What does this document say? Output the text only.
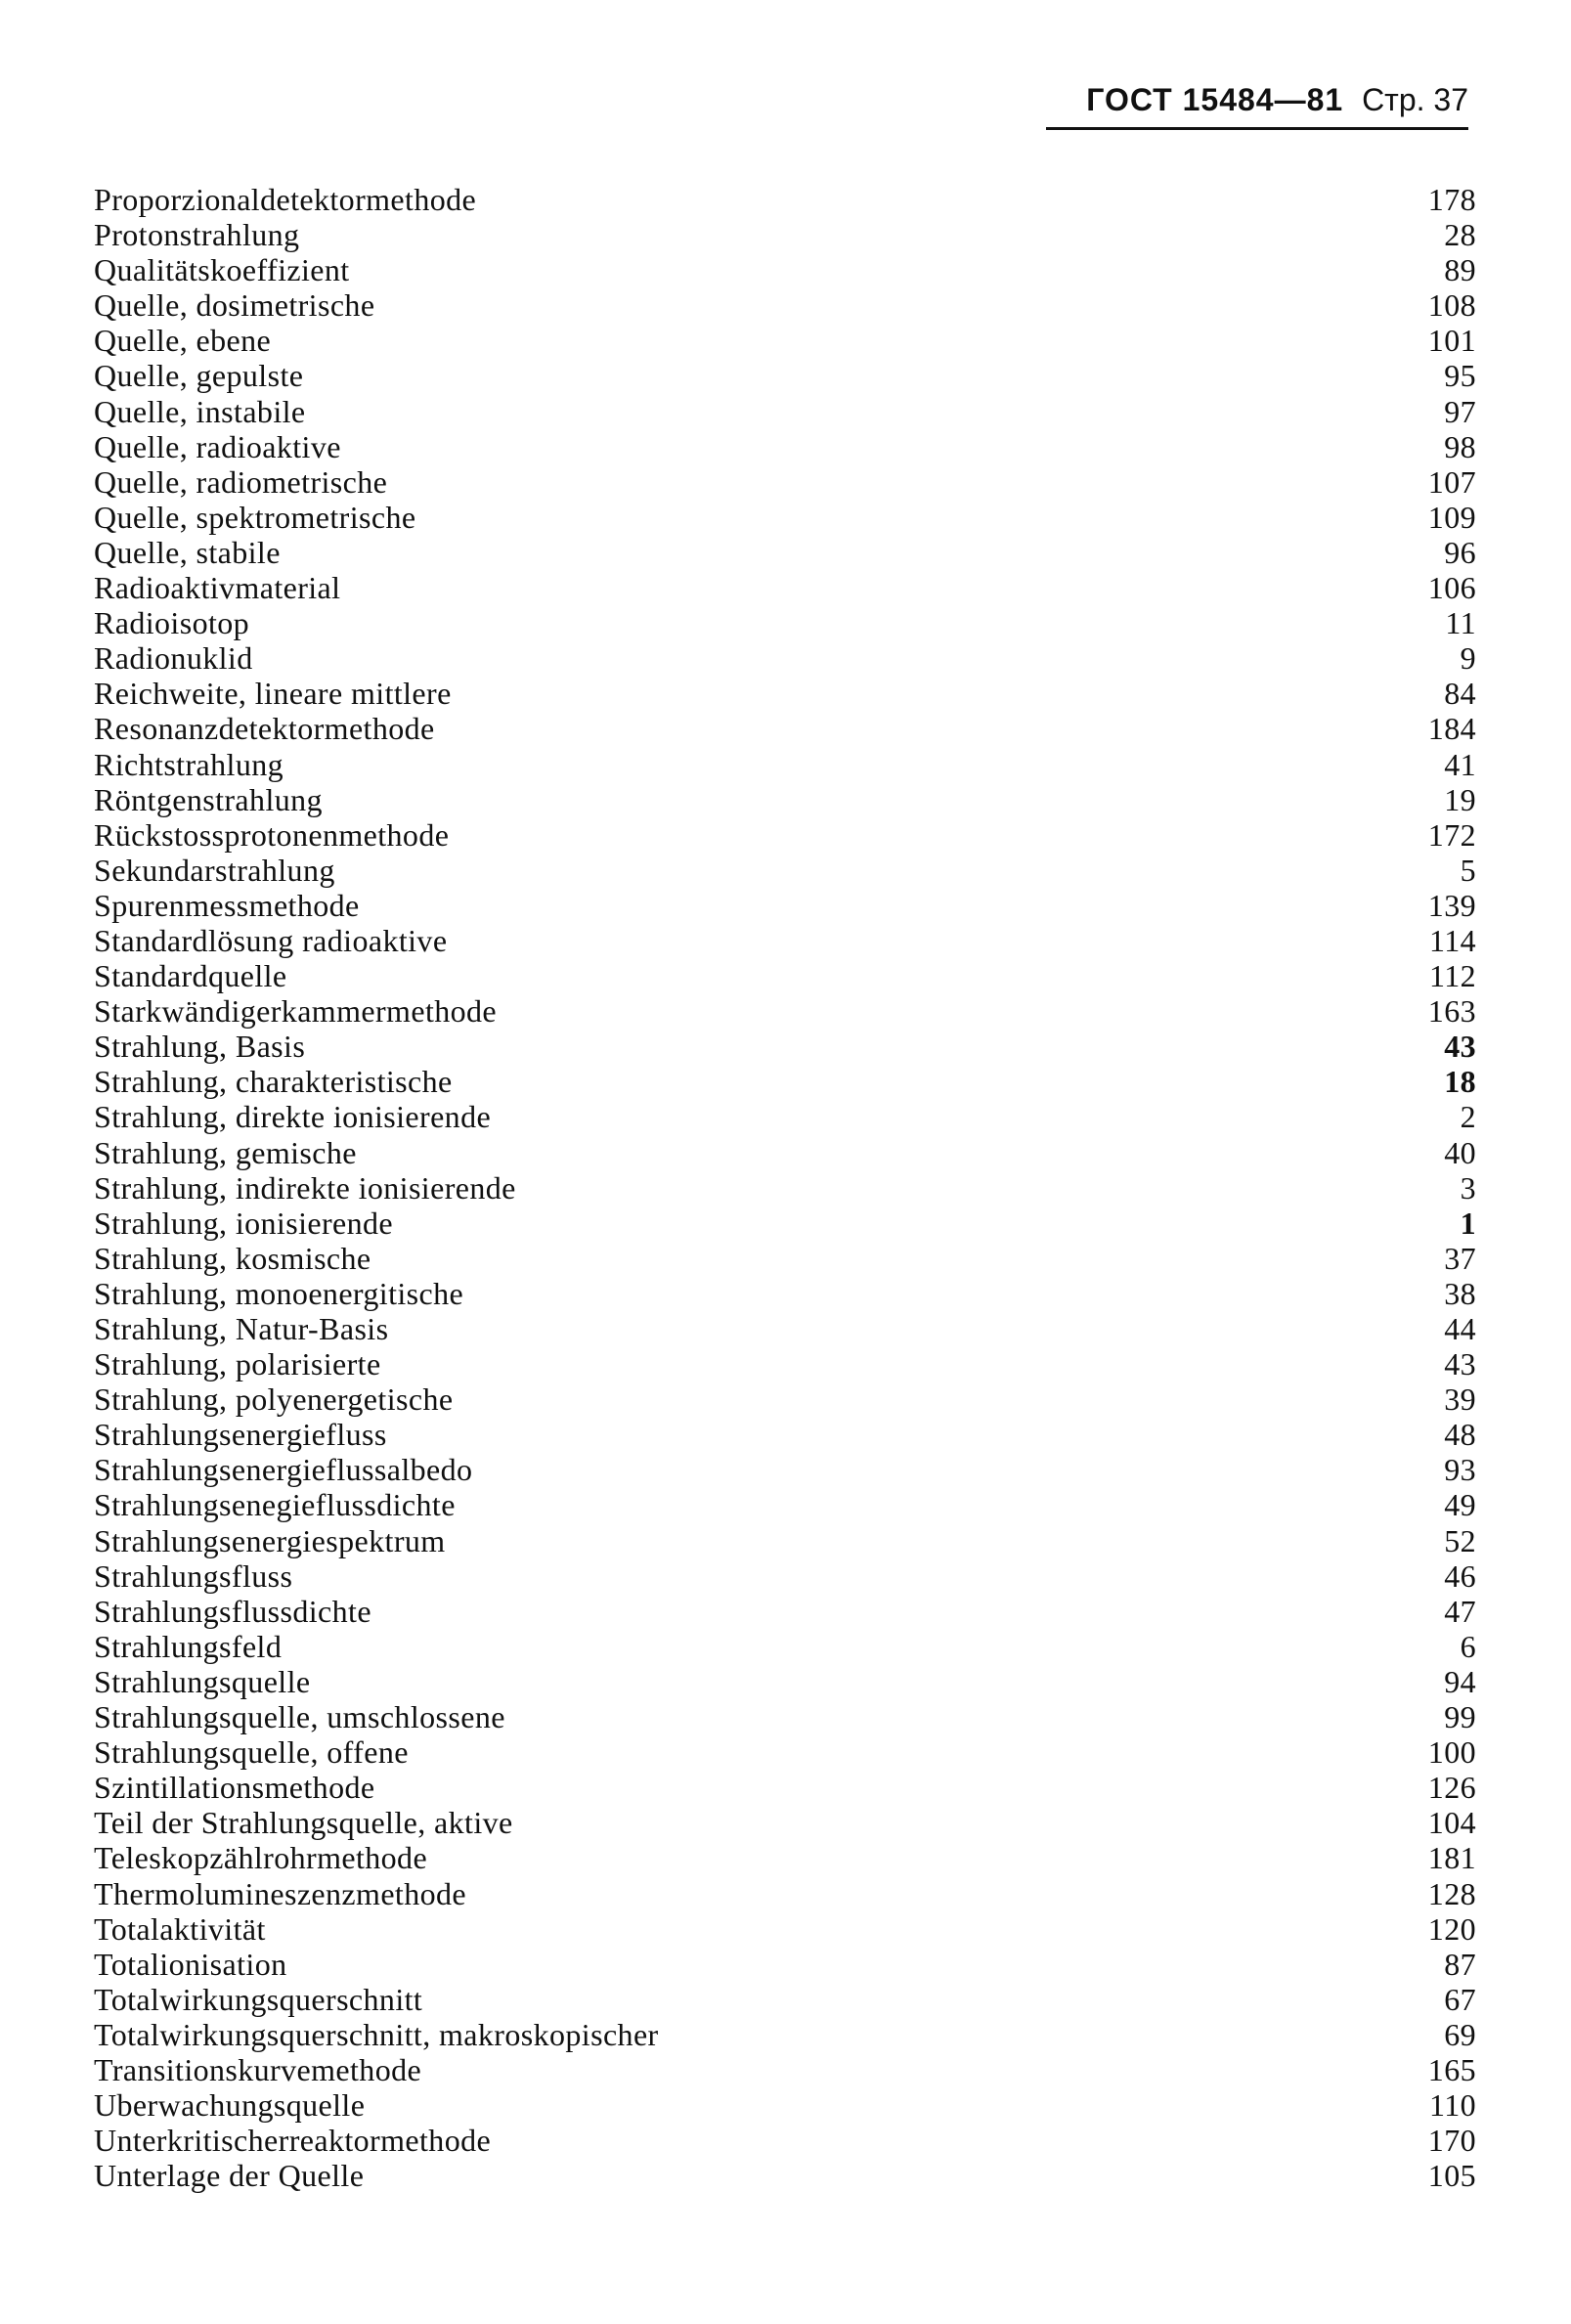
ГОСТ 15484—81 Стр. 37
Proporzionaldetektormethode	178
Protonstrahlung	28
Qualitätskoeffizient	89
Quelle, dosimetrische	108
Quelle, ebene	101
Quelle, gepulste	95
Quelle, instabile	97
Quelle, radioaktive	98
Quelle, radiometrische	107
Quelle, spektrometrische	109
Quelle, stabile	96
Radioaktivmaterial	106
Radioisotop	11
Radionuklid	9
Reichweite, lineare mittlere	84
Resonanzdetektormethode	184
Richtstrahlung	41
Röntgenstrahlung	19
Rückstossprotonenmethode	172
Sekundarstrahlung	5
Spurenmessmethode	139
Standardlösung radioaktive	114
Standardquelle	112
Starkwändigerkammermethode	163
Strahlung, Basis	43
Strahlung, charakteristische	18
Strahlung, direkte ionisierende	2
Strahlung, gemische	40
Strahlung, indirekte ionisierende	3
Strahlung, ionisierende	1
Strahlung, kosmische	37
Strahlung, monoenergitische	38
Strahlung, Natur-Basis	44
Strahlung, polarisierte	43
Strahlung, polyenergetische	39
Strahlungsenergiefluss	48
Strahlungsenergieflussalbedo	93
Strahlungsenegieflussdichte	49
Strahlungsenergiespektrum	52
Strahlungsfluss	46
Strahlungsflussdichte	47
Strahlungsfeld	6
Strahlungsquelle	94
Strahlungsquelle, umschlossene	99
Strahlungsquelle, offene	100
Szintillationsmethode	126
Teil der Strahlungsquelle, aktive	104
Teleskopzählrohrmethode	181
Thermolumineszenzmethode	128
Totalaktivität	120
Totalionisation	87
Totalwirkungsquerschnitt	67
Totalwirkungsquerschnitt, makroskopischer	69
Transitionskurvemethode	165
Uberwachungsquelle	110
Unterkritischerreaktormethode	170
Unterlage der Quelle	105
